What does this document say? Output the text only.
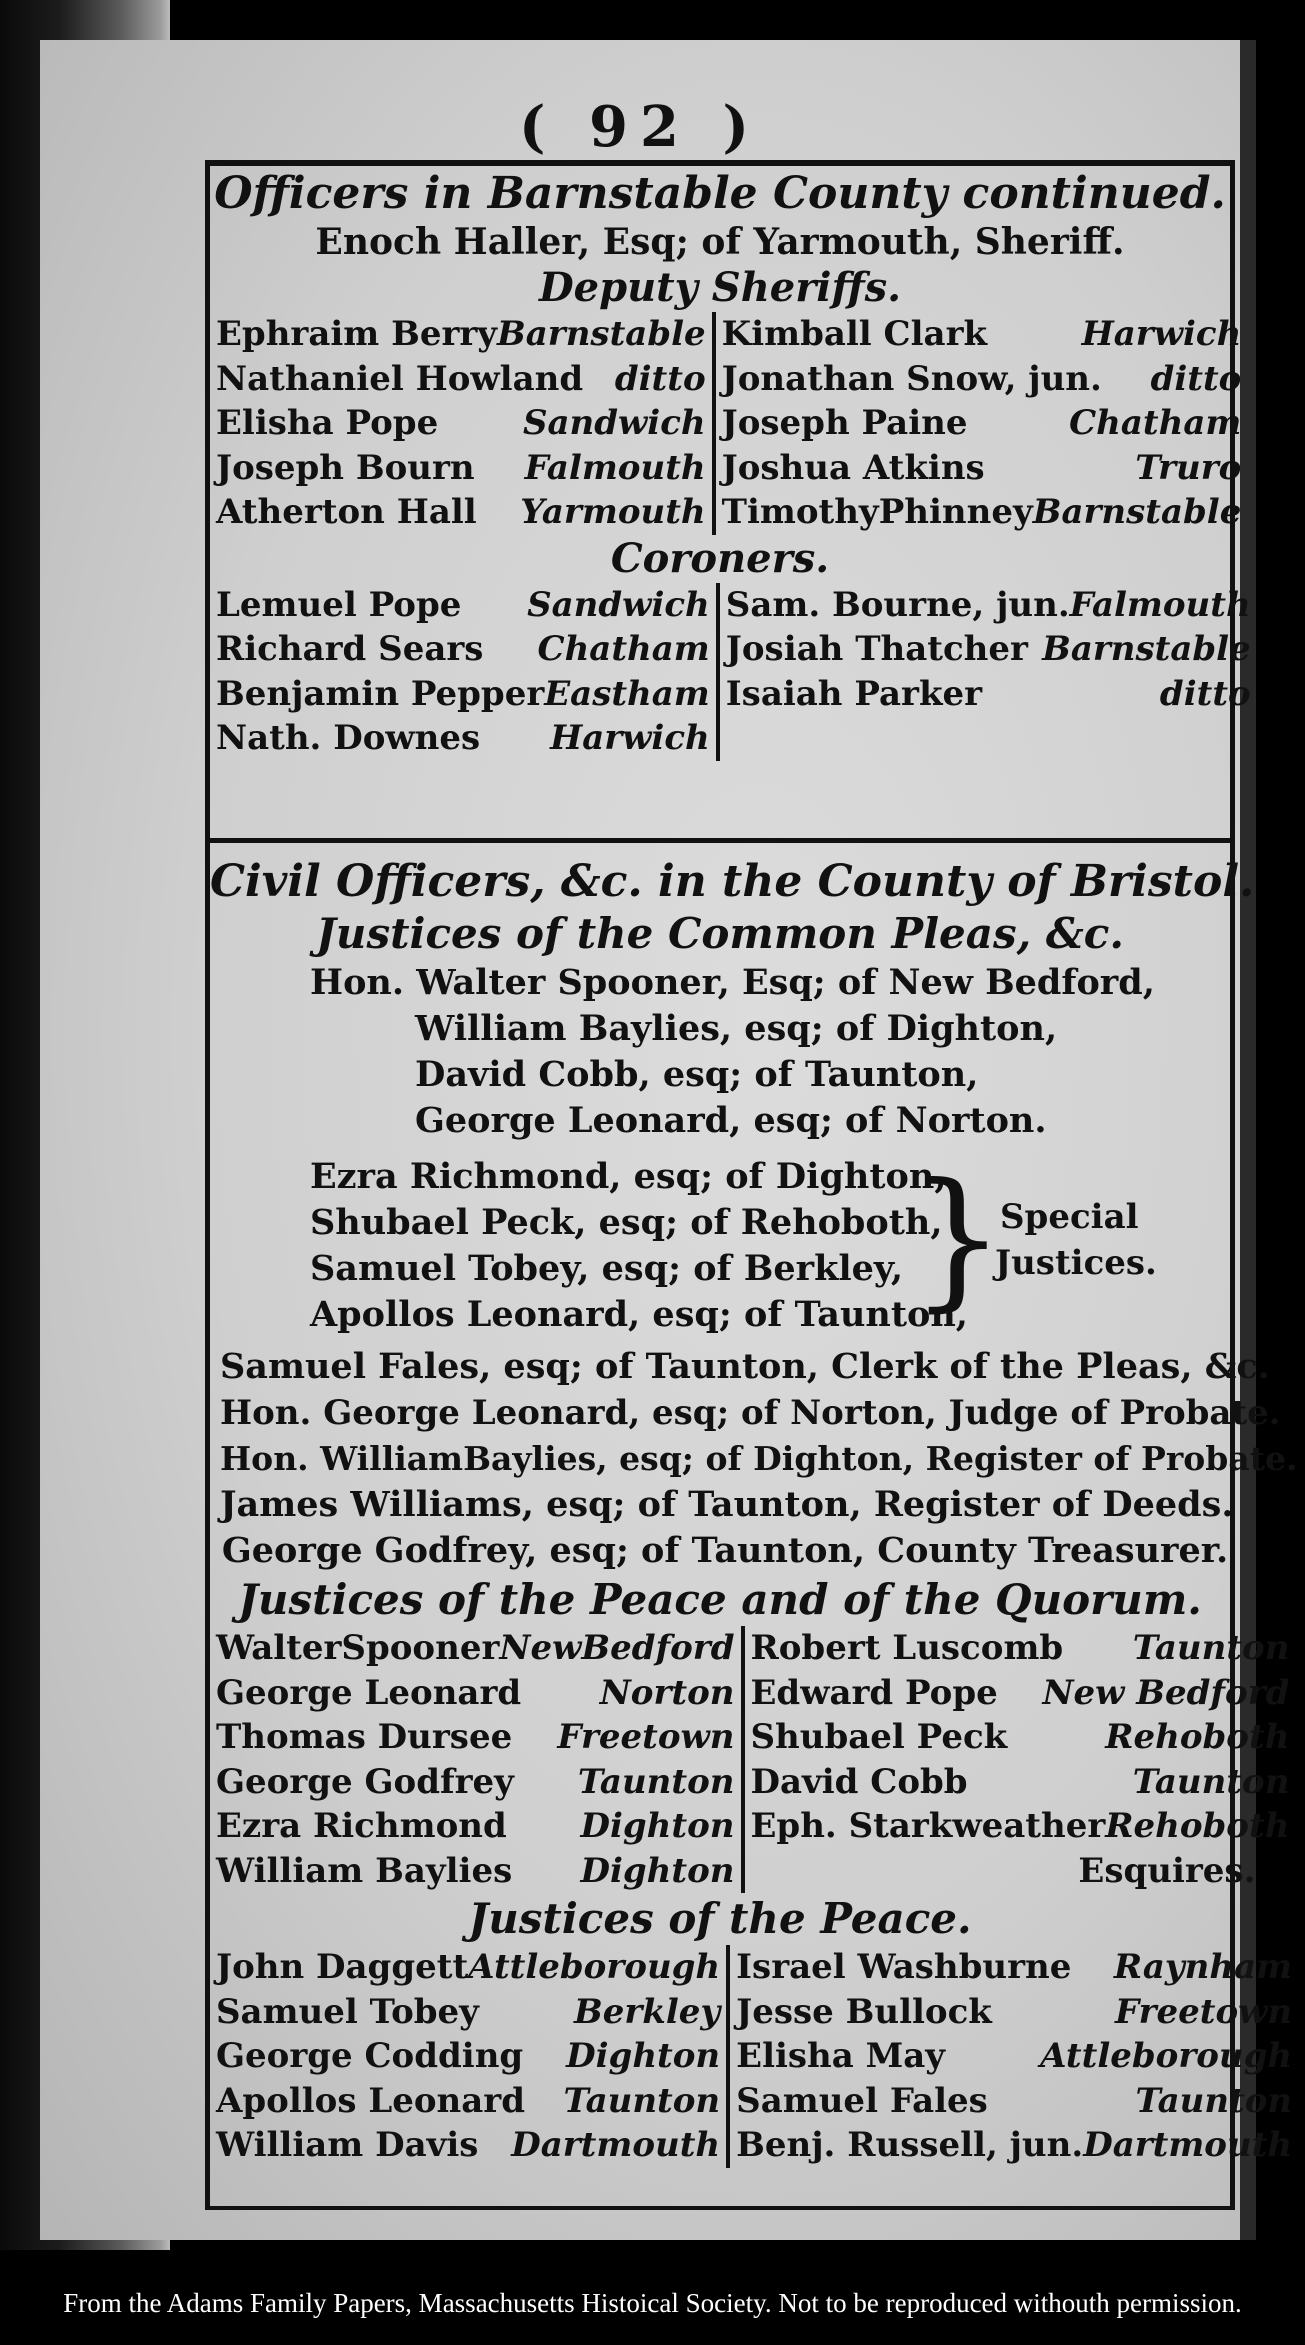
( 92 )
Officers in Barnstable County continued.
Enoch Haller, Esq; of Yarmouth, Sheriff.
Deputy Sheriffs.
Ephraim Berry Barnstable
Nathaniel Howland ditto
Elisha Pope Sandwich
Joseph Bourn Falmouth
Atherton Hall Yarmouth
Kimball Clark	Harwich
Jonathan Snow, jun. ditto
Joseph Paine	Chatham
Joshua Atkins	Truro
TimothyPhinney Barnstable
Coroners.
Lemuel Pope Sandwich
Richard Sears Chatham
Benjamin Pepper Eastham
Nath. Downes Harwich
Sam. Bourne, jun. Falmouth
Josiah Thatcher Barnstable
Isaiah Parker	ditto
Civil Officers, &c. in the County of Bristol.
Justices of the Common Pleas, &c.
Hon. Walter Spooner, Esq; of New Bedford,
William Baylies, esq; of Dighton,
David Cobb, esq; of Taunton,
George Leonard, esq; of Norton.
Ezra Richmond, esq; of Dighton,
Shubael Peck, esq; of Rehoboth,
Samuel Tobey, esq; of Berkley,
Apollos Leonard, esq; of Taunton,
}
Special
Justices.
Samuel Fales, esq; of Taunton, Clerk of the Pleas, &c.
Hon. George Leonard, esq; of Norton, Judge of Probate.
Hon. WilliamBaylies, esq; of Dighton, Register of Probate.
James Williams, esq; of Taunton, Register of Deeds.
George Godfrey, esq; of Taunton, County Treasurer.
Justices of the Peace and of the Quorum.
WalterSpooner NewBedford
George Leonard Norton
Thomas Dursee Freetown
George Godfrey Taunton
Ezra Richmond Dighton
William Baylies Dighton
Robert Luscomb Taunton
Edward Pope New Bedford
Shubael Peck	Rehoboth
David Cobb	Taunton
Eph. Starkweather Rehoboth
Esquires.
Justices of the Peace.
John Daggett Attleborough
Samuel Tobey	Berkley
George Codding Dighton
Apollos Leonard Taunton
William Davis Dartmouth
Israel Washburne Raynham
Jesse Bullock	Freetown
Elisha May	Attleborough
Samuel Fales	Taunton
Benj. Russell, jun. Dartmouth
From the Adams Family Papers, Massachusetts Histoical Society. Not to be reproduced withouth permission.
